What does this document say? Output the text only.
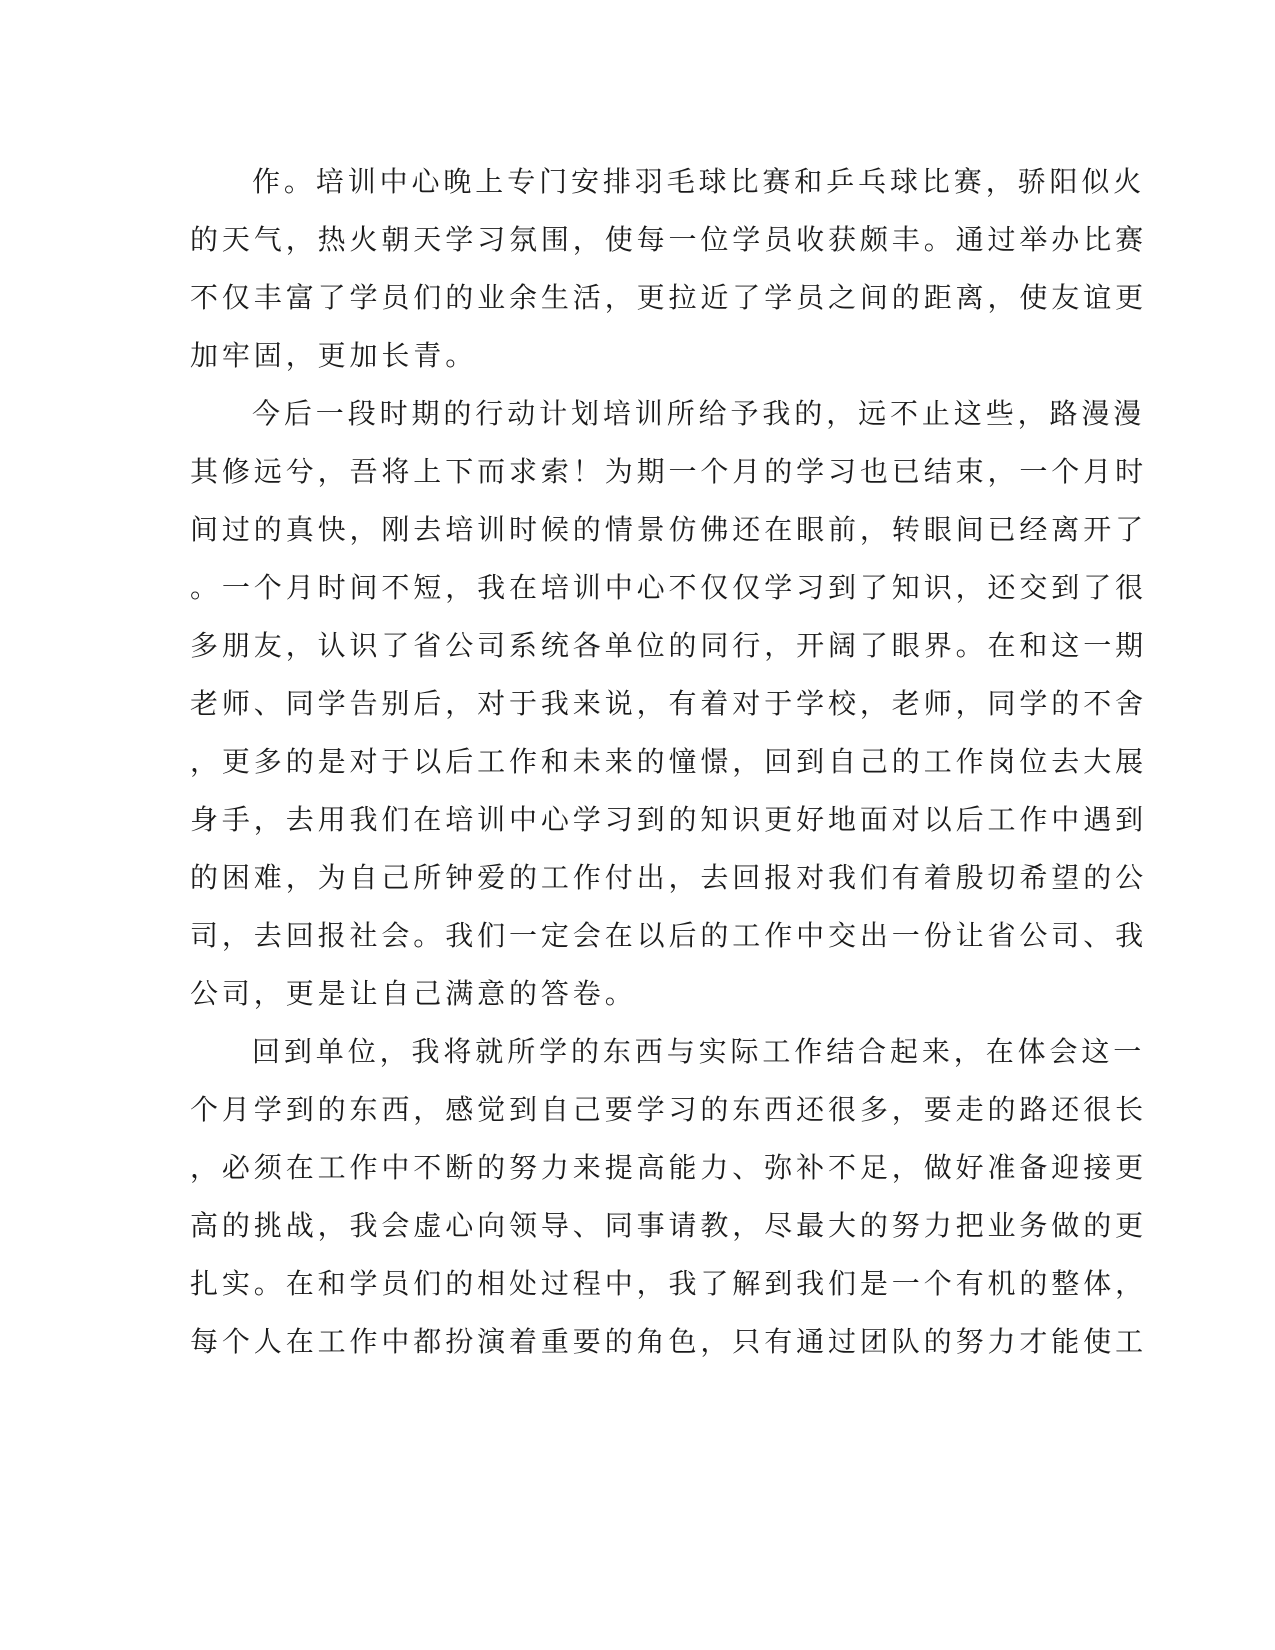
作。培训中心晚上专门安排羽毛球比赛和乒乓球比赛，骄阳似火
的天气，热火朝天学习氛围，使每一位学员收获颇丰。通过举办比赛
不仅丰富了学员们的业余生活，更拉近了学员之间的距离，使友谊更
加牢固，更加长青。
今后一段时期的行动计划培训所给予我的，远不止这些，路漫漫
其修远兮，吾将上下而求索！为期一个月的学习也已结束，一个月时
间过的真快，刚去培训时候的情景仿佛还在眼前，转眼间已经离开了
。一个月时间不短，我在培训中心不仅仅学习到了知识，还交到了很
多朋友，认识了省公司系统各单位的同行，开阔了眼界。在和这一期
老师、同学告别后，对于我来说，有着对于学校，老师，同学的不舍
，更多的是对于以后工作和未来的憧憬，回到自己的工作岗位去大展
身手，去用我们在培训中心学习到的知识更好地面对以后工作中遇到
的困难，为自己所钟爱的工作付出，去回报对我们有着殷切希望的公
司，去回报社会。我们一定会在以后的工作中交出一份让省公司、我
公司，更是让自己满意的答卷。
回到单位，我将就所学的东西与实际工作结合起来，在体会这一
个月学到的东西，感觉到自己要学习的东西还很多，要走的路还很长
，必须在工作中不断的努力来提高能力、弥补不足，做好准备迎接更
高的挑战，我会虚心向领导、同事请教，尽最大的努力把业务做的更
扎实。在和学员们的相处过程中，我了解到我们是一个有机的整体，
每个人在工作中都扮演着重要的角色，只有通过团队的努力才能使工
